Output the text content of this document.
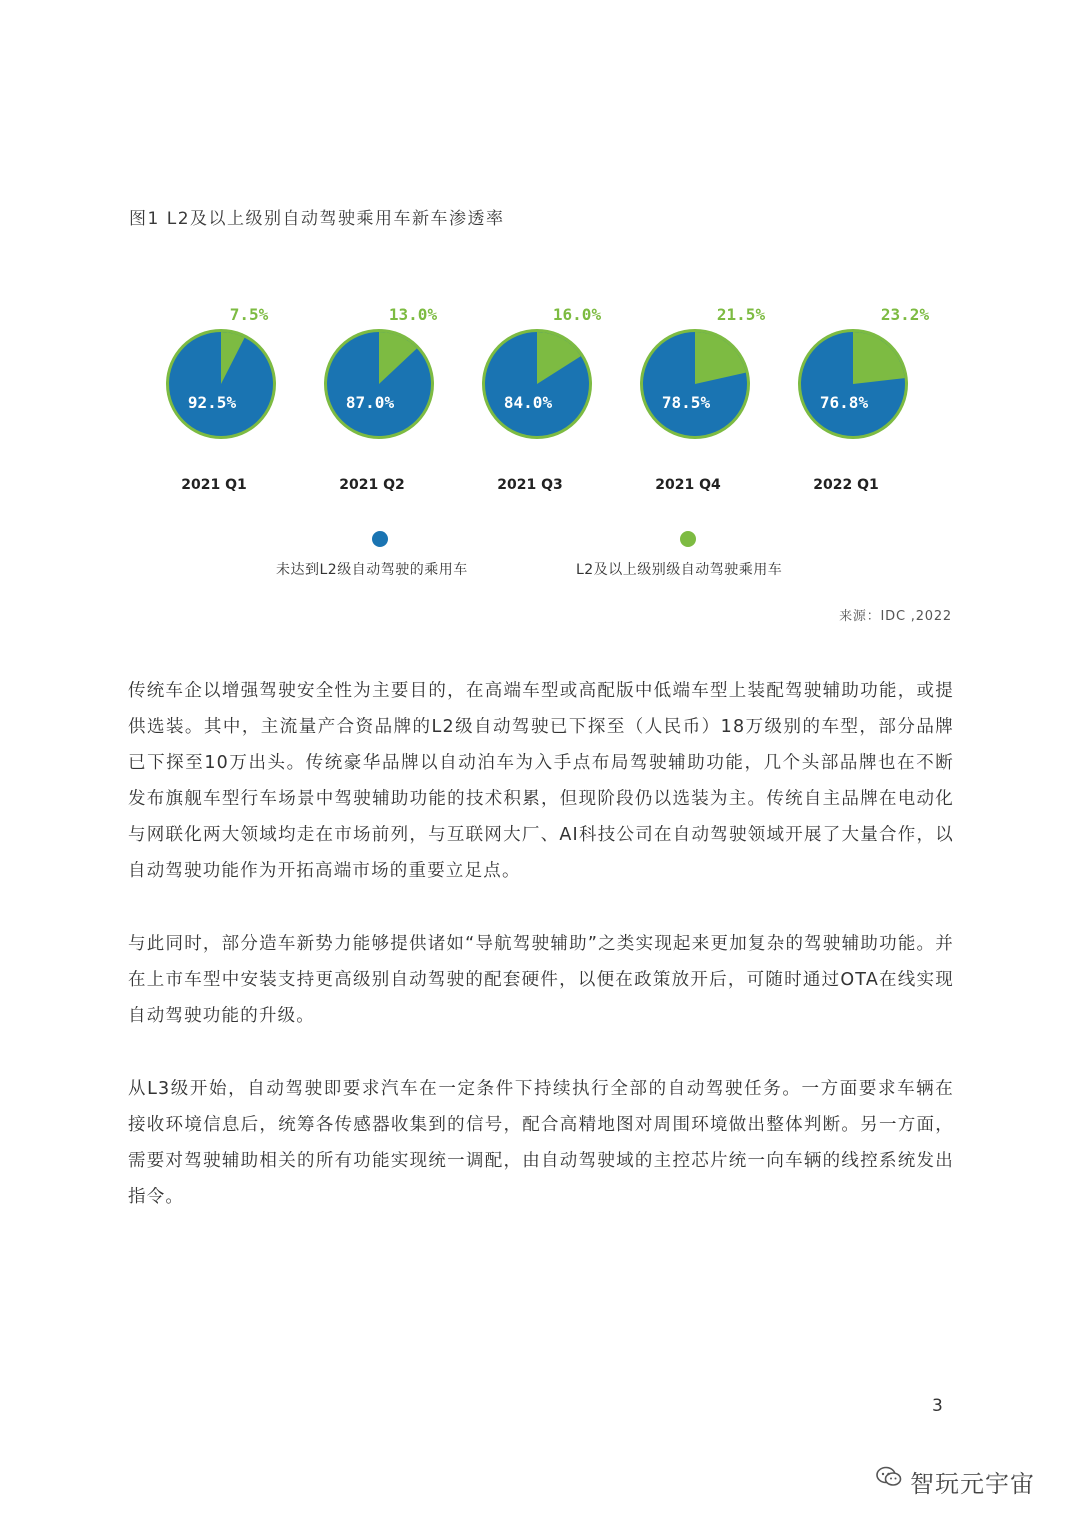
图1 L2及以上级别自动驾驶乘用车新车渗透率
7.5%
92.5%
2021 Q1
13.0%
87.0%
2021 Q2
16.0%
84.0%
2021 Q3
21.5%
78.5%
2021 Q4
23.2%
76.8%
2022 Q1
未达到L2级自动驾驶的乘用车	L2及以上级别级自动驾驶乘用车
来源：IDC ,2022
传统车企以增强驾驶安全性为主要目的，在高端车型或高配版中低端车型上装配驾驶辅助功能，或提供选装。其中，主流量产合资品牌的L2级自动驾驶已下探至（人民币）18万级别的车型，部分品牌已下探至10万出头。传统豪华品牌以自动泊车为入手点布局驾驶辅助功能，几个头部品牌也在不断发布旗舰车型行车场景中驾驶辅助功能的技术积累，但现阶段仍以选装为主。传统自主品牌在电动化与网联化两大领域均走在市场前列，与互联网大厂、AI科技公司在自动驾驶领域开展了大量合作，以自动驾驶功能作为开拓高端市场的重要立足点。
与此同时，部分造车新势力能够提供诸如“导航驾驶辅助”之类实现起来更加复杂的驾驶辅助功能。并在上市车型中安装支持更高级别自动驾驶的配套硬件，以便在政策放开后，可随时通过OTA在线实现自动驾驶功能的升级。
从L3级开始，自动驾驶即要求汽车在一定条件下持续执行全部的自动驾驶任务。一方面要求车辆在接收环境信息后，统筹各传感器收集到的信号，配合高精地图对周围环境做出整体判断。另一方面，需要对驾驶辅助相关的所有功能实现统一调配，由自动驾驶域的主控芯片统一向车辆的线控系统发出指令。
3
智玩元宇宙
